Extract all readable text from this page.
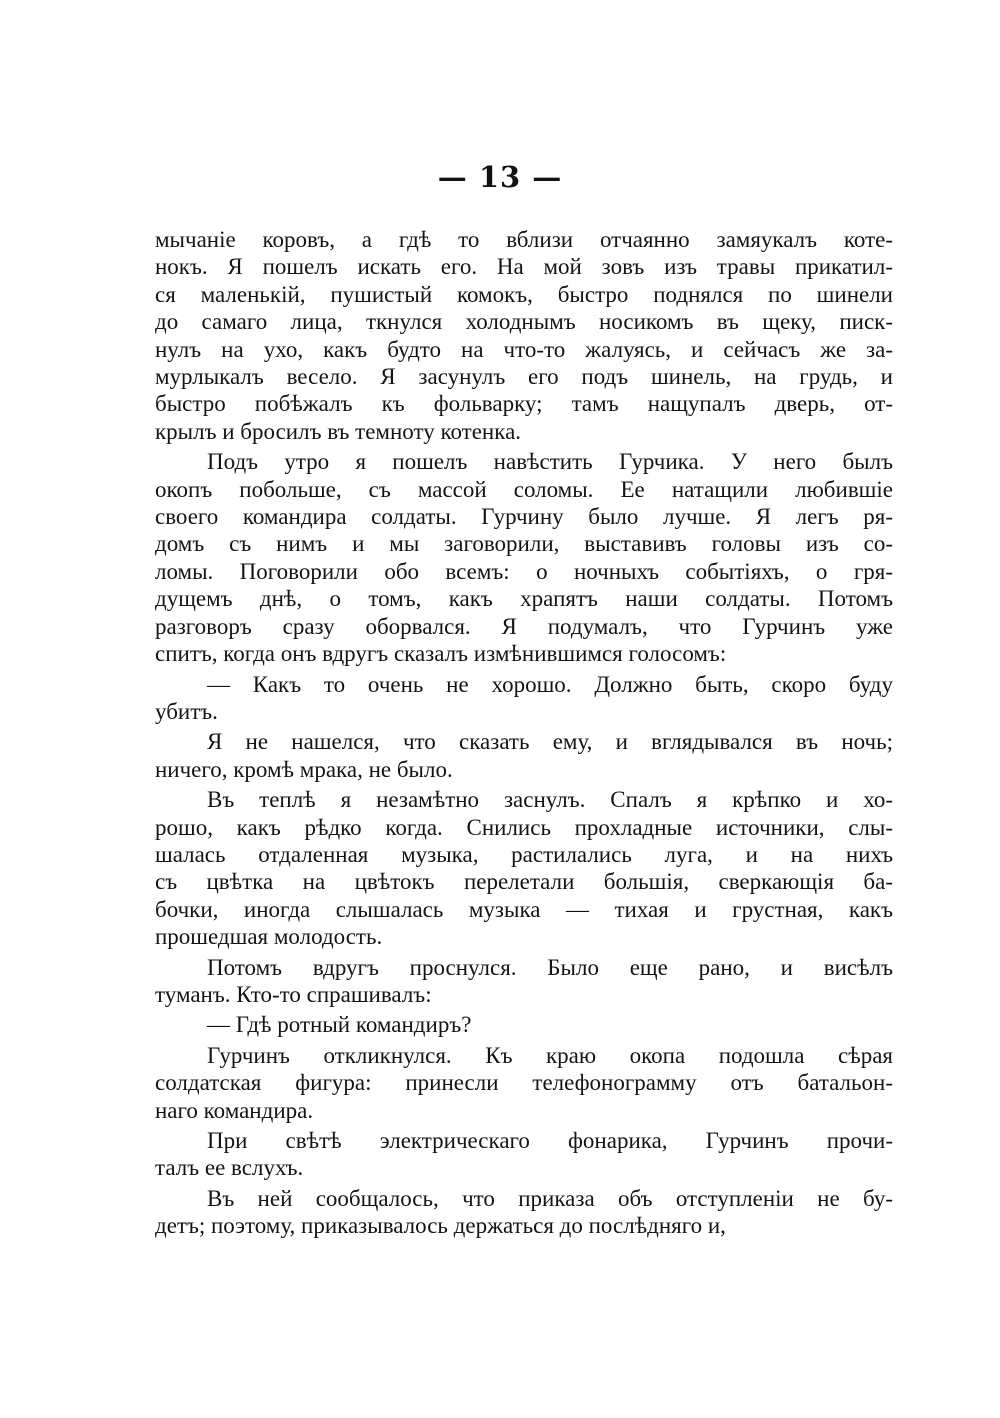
— 13 —
мычанiе коровъ, а гдѣ то вблизи отчаянно замяукалъ коте-
нокъ. Я пошелъ искать его. На мой зовъ изъ травы прикатил-
ся маленькiй, пушистый комокъ, быстро поднялся по шинели
до самаго лица, ткнулся холоднымъ носикомъ въ щеку, писк-
нулъ на ухо, какъ будто на что-то жалуясь, и сейчасъ же за-
мурлыкалъ весело. Я засунулъ его подъ шинель, на грудь, и
быстро побѣжалъ къ фольварку; тамъ нащупалъ дверь, от-
крылъ и бросилъ въ темноту котенка.
Подъ утро я пошелъ навѣстить Гурчика. У него былъ
окопъ побольше, съ массой соломы. Ее натащили любившiе
своего командира солдаты. Гурчину было лучше. Я легъ ря-
домъ съ нимъ и мы заговорили, выставивъ головы изъ со-
ломы. Поговорили обо всемъ: о ночныхъ событiяхъ, о гря-
дущемъ днѣ, о томъ, какъ храпятъ наши солдаты. Потомъ
разговоръ сразу оборвался. Я подумалъ, что Гурчинъ уже
спитъ, когда онъ вдругъ сказалъ измѣнившимся голосомъ:
— Какъ то очень не хорошо. Должно быть, скоро буду
убитъ.
Я не нашелся, что сказать ему, и вглядывался въ ночь;
ничего, кромѣ мрака, не было.
Въ теплѣ я незамѣтно заснулъ. Спалъ я крѣпко и хо-
рошо, какъ рѣдко когда. Снились прохладные источники, слы-
шалась отдаленная музыка, растилались луга, и на нихъ
съ цвѣтка на цвѣтокъ перелетали большiя, сверкающiя ба-
бочки, иногда слышалась музыка — тихая и грустная, какъ
прошедшая молодость.
Потомъ вдругъ проснулся. Было еще рано, и висѣлъ
туманъ. Кто-то спрашивалъ:
— Гдѣ ротный командиръ?
Гурчинъ откликнулся. Къ краю окопа подошла сѣрая
солдатская фигура: принесли телефонограмму отъ батальон-
наго командира.
При свѣтѣ электрическаго фонарика, Гурчинъ прочи-
талъ ее вслухъ.
Въ ней сообщалось, что приказа объ отступленiи не бу-
детъ; поэтому, приказывалось держаться до послѣдняго и,
